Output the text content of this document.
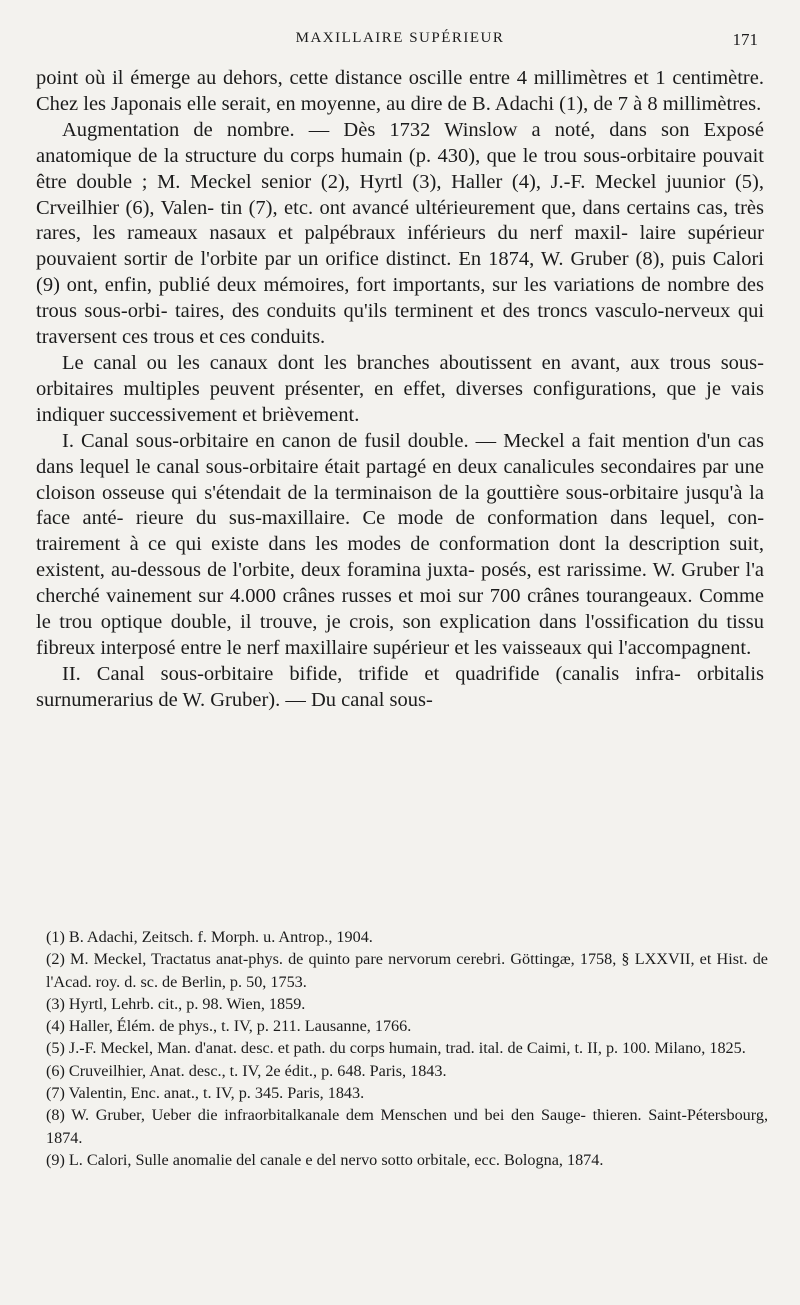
MAXILLAIRE SUPÉRIEUR	171

point où il émerge au dehors, cette distance oscille entre 4 millimètres et 1 centimètre. Chez les Japonais elle serait, en moyenne, au dire de B. Adachi (1), de 7 à 8 millimètres.

Augmentation de nombre. — Dès 1732 Winslow a noté, dans son Exposé anatomique de la structure du corps humain (p. 430), que le trou sous-orbitaire pouvait être double ; M. Meckel senior (2), Hyrtl (3), Haller (4), J.-F. Meckel juunior (5), Crveilhier (6), Valen- tin (7), etc. ont avancé ultérieurement que, dans certains cas, très rares, les rameaux nasaux et palpébraux inférieurs du nerf maxil- laire supérieur pouvaient sortir de l'orbite par un orifice distinct. En 1874, W. Gruber (8), puis Calori (9) ont, enfin, publié deux mémoires, fort importants, sur les variations de nombre des trous sous-orbi- taires, des conduits qu'ils terminent et des troncs vasculo-nerveux qui traversent ces trous et ces conduits.

Le canal ou les canaux dont les branches aboutissent en avant, aux trous sous-orbitaires multiples peuvent présenter, en effet, diverses configurations, que je vais indiquer successivement et brièvement.

I. Canal sous-orbitaire en canon de fusil double. — Meckel a fait mention d'un cas dans lequel le canal sous-orbitaire était partagé en deux canalicules secondaires par une cloison osseuse qui s'étendait de la terminaison de la gouttière sous-orbitaire jusqu'à la face anté- rieure du sus-maxillaire. Ce mode de conformation dans lequel, con- trairement à ce qui existe dans les modes de conformation dont la description suit, existent, au-dessous de l'orbite, deux foramina juxta- posés, est rarissime. W. Gruber l'a cherché vainement sur 4.000 crânes russes et moi sur 700 crânes tourangeaux. Comme le trou optique double, il trouve, je crois, son explication dans l'ossification du tissu fibreux interposé entre le nerf maxillaire supérieur et les vaisseaux qui l'accompagnent.

II. Canal sous-orbitaire bifide, trifide et quadrifide (canalis infra- orbitalis surnumerarius de W. Gruber). — Du canal sous-

(1) B. Adachi, Zeitsch. f. Morph. u. Antrop., 1904.

(2) M. Meckel, Tractatus anat-phys. de quinto pare nervorum cerebri. Göttingæ, 1758, § LXXVII, et Hist. de l'Acad. roy. d. sc. de Berlin, p. 50, 1753.

(3) Hyrtl, Lehrb. cit., p. 98. Wien, 1859.

(4) Haller, Élém. de phys., t. IV, p. 211. Lausanne, 1766.

(5) J.-F. Meckel, Man. d'anat. desc. et path. du corps humain, trad. ital. de Caimi, t. II, p. 100. Milano, 1825.

(6) Cruveilhier, Anat. desc., t. IV, 2e édit., p. 648. Paris, 1843.

(7) Valentin, Enc. anat., t. IV, p. 345. Paris, 1843.

(8) W. Gruber, Ueber die infraorbitalkanale dem Menschen und bei den Sauge- thieren. Saint-Pétersbourg, 1874.

(9) L. Calori, Sulle anomalie del canale e del nervo sotto orbitale, ecc. Bologna, 1874.
